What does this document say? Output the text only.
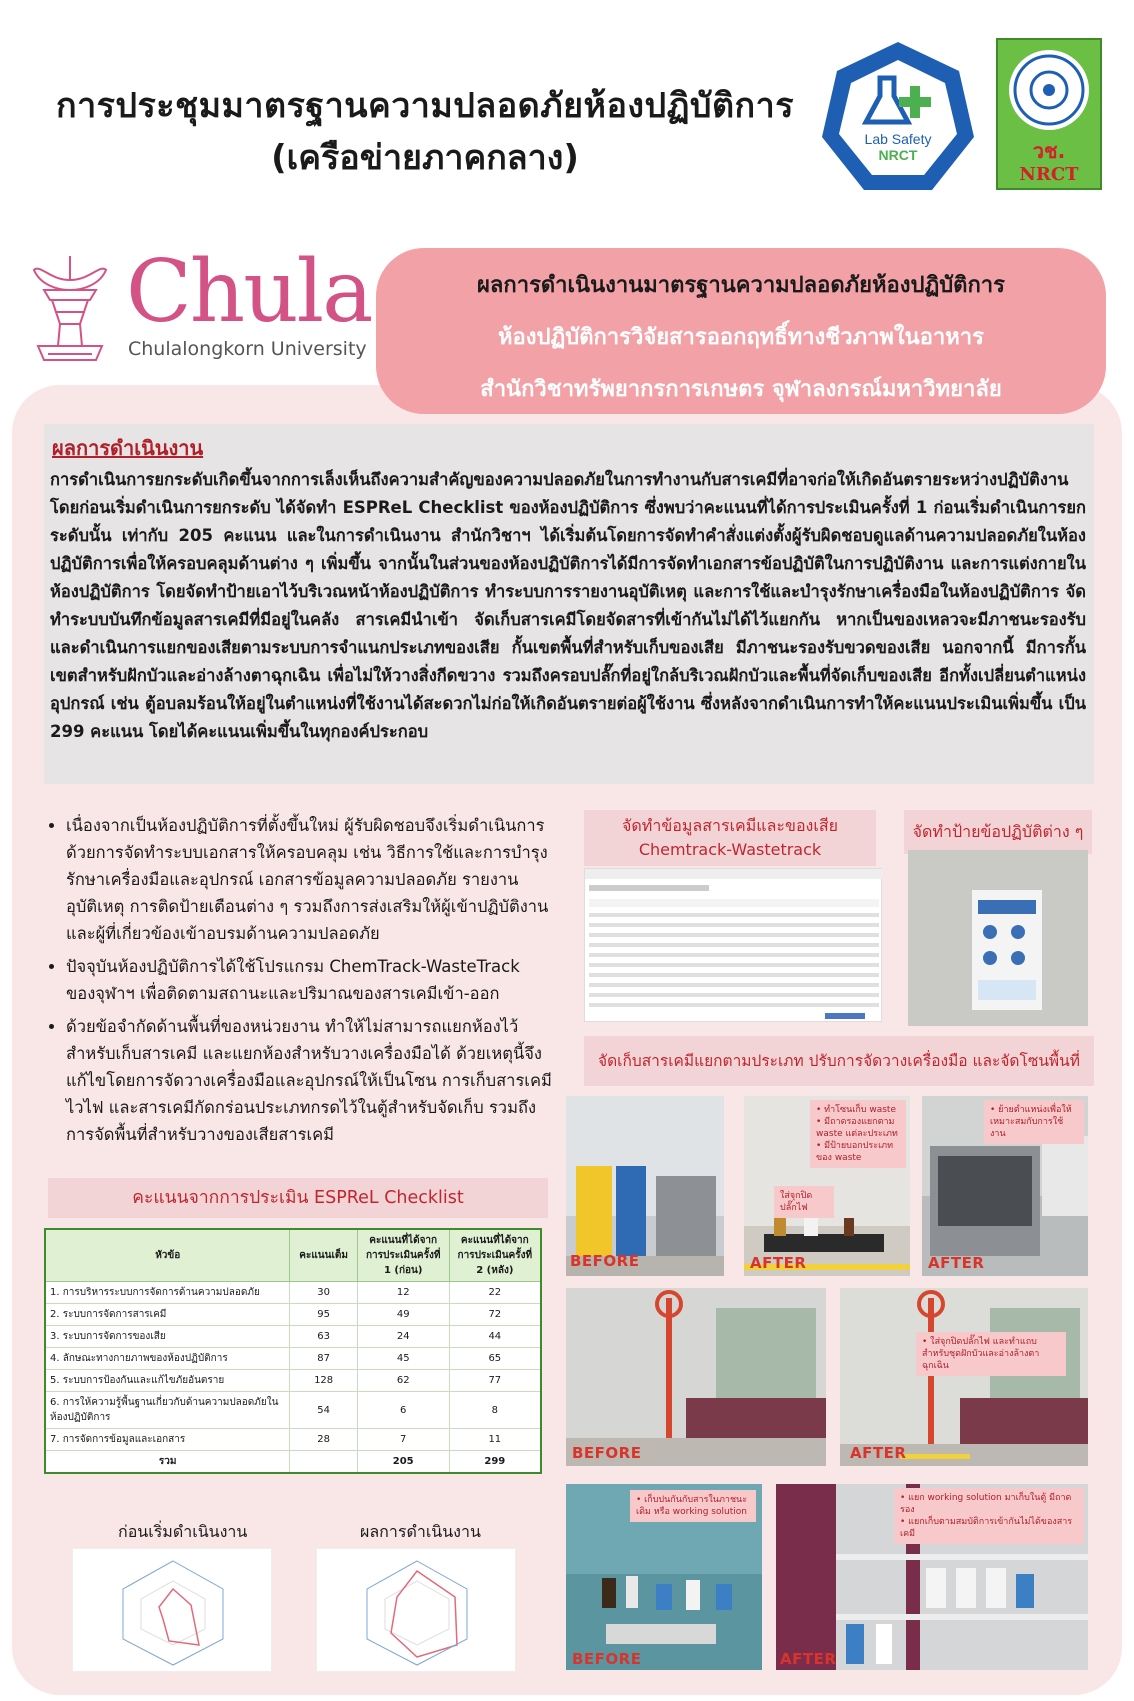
การประชุมมาตรฐานความปลอดภัยห้องปฏิบัติการ
(เครือข่ายภาคกลาง)	Lab Safety
NRCT	วช.
NRCT
Chula
Chulalongkorn University
ผลการดำเนินงานมาตรฐานความปลอดภัยห้องปฏิบัติการ
ห้องปฏิบัติการวิจัยสารออกฤทธิ์ทางชีวภาพในอาหาร
สำนักวิชาทรัพยากรการเกษตร จุฬาลงกรณ์มหาวิทยาลัย
ผลการดำเนินงาน
การดำเนินการยกระดับเกิดขึ้นจากการเล็งเห็นถึงความสำคัญของความปลอดภัยในการทำงานกับสารเคมีที่อาจก่อให้เกิดอันตรายระหว่างปฏิบัติงาน โดยก่อนเริ่มดำเนินการยกระดับ ได้จัดทำ ESPReL Checklist ของห้องปฏิบัติการ ซึ่งพบว่าคะแนนที่ได้การประเมินครั้งที่ 1 ก่อนเริ่มดำเนินการยกระดับนั้น เท่ากับ 205 คะแนน และในการดำเนินงาน สำนักวิชาฯ ได้เริ่มต้นโดยการจัดทำคำสั่งแต่งตั้งผู้รับผิดชอบดูแลด้านความปลอดภัยในห้องปฏิบัติการเพื่อให้ครอบคลุมด้านต่าง ๆ เพิ่มขึ้น จากนั้นในส่วนของห้องปฏิบัติการได้มีการจัดทำเอกสารข้อปฏิบัติในการปฏิบัติงาน และการแต่งกายในห้องปฏิบัติการ โดยจัดทำป้ายเอาไว้บริเวณหน้าห้องปฏิบัติการ ทำระบบการรายงานอุบัติเหตุ และการใช้และบำรุงรักษาเครื่องมือในห้องปฏิบัติการ จัดทำระบบบันทึกข้อมูลสารเคมีที่มีอยู่ในคลัง สารเคมีนำเข้า จัดเก็บสารเคมีโดยจัดสารที่เข้ากันไม่ได้ไว้แยกกัน หากเป็นของเหลวจะมีภาชนะรองรับ และดำเนินการแยกของเสียตามระบบการจำแนกประเภทของเสีย กั้นเขตพื้นที่สำหรับเก็บของเสีย มีภาชนะรองรับขวดของเสีย นอกจากนี้ มีการกั้นเขตสำหรับฝักบัวและอ่างล้างตาฉุกเฉิน เพื่อไม่ให้วางสิ่งกีดขวาง รวมถึงครอบปลั๊กที่อยู่ใกล้บริเวณฝักบัวและพื้นที่จัดเก็บของเสีย อีกทั้งเปลี่ยนตำแหน่งอุปกรณ์ เช่น ตู้อบลมร้อนให้อยู่ในตำแหน่งที่ใช้งานได้สะดวกไม่ก่อให้เกิดอันตรายต่อผู้ใช้งาน ซึ่งหลังจากดำเนินการทำให้คะแนนประเมินเพิ่มขึ้น เป็น 299 คะแนน โดยได้คะแนนเพิ่มขึ้นในทุกองค์ประกอบ
• เนื่องจากเป็นห้องปฏิบัติการที่ตั้งขึ้นใหม่ ผู้รับผิดชอบจึงเริ่มดำเนินการด้วยการจัดทำระบบเอกสารให้ครอบคลุม เช่น วิธีการใช้และการบำรุงรักษาเครื่องมือและอุปกรณ์ เอกสารข้อมูลความปลอดภัย รายงานอุบัติเหตุ การติดป้ายเตือนต่าง ๆ รวมถึงการส่งเสริมให้ผู้เข้าปฏิบัติงานและผู้ที่เกี่ยวข้องเข้าอบรมด้านความปลอดภัย
• ปัจจุบันห้องปฏิบัติการได้ใช้โปรแกรม ChemTrack-WasteTrack ของจุฬาฯ เพื่อติดตามสถานะและปริมาณของสารเคมีเข้า-ออก
• ด้วยข้อจำกัดด้านพื้นที่ของหน่วยงาน ทำให้ไม่สามารถแยกห้องไว้สำหรับเก็บสารเคมี และแยกห้องสำหรับวางเครื่องมือได้ ด้วยเหตุนี้จึงแก้ไขโดยการจัดวางเครื่องมือและอุปกรณ์ให้เป็นโซน การเก็บสารเคมีไวไฟ และสารเคมีกัดกร่อนประเภทกรดไว้ในตู้สำหรับจัดเก็บ รวมถึงการจัดพื้นที่สำหรับวางของเสียสารเคมี
คะแนนจากการประเมิน ESPReL Checklist
หัวข้อ	คะแนนเต็ม	คะแนนที่ได้จากการประเมินครั้งที่ 1 (ก่อน)	คะแนนที่ได้จากการประเมินครั้งที่ 2 (หลัง)
1. การบริหารระบบการจัดการด้านความปลอดภัย	30	12	22
2. ระบบการจัดการสารเคมี	95	49	72
3. ระบบการจัดการของเสีย	63	24	44
4. ลักษณะทางกายภาพของห้องปฏิบัติการ	87	45	65
5. ระบบการป้องกันและแก้ไขภัยอันตราย	128	62	77
6. การให้ความรู้พื้นฐานเกี่ยวกับด้านความปลอดภัยในห้องปฏิบัติการ	54	6	8
7. การจัดการข้อมูลและเอกสาร	28	7	11
รวม		205	299
ก่อนเริ่มดำเนินงาน	ผลการดำเนินงาน
จัดทำข้อมูลสารเคมีและของเสีย
Chemtrack-Wastetrack
จัดทำป้ายข้อปฏิบัติต่าง ๆ
จัดเก็บสารเคมีแยกตามประเภท ปรับการจัดวางเครื่องมือ และจัดโซนพื้นที่
BEFORE
• ทำโซนเก็บ waste
• มีถาดรองแยกตาม waste แต่ละประเภท
• มีป้ายบอกประเภทของ waste
ใส่จุกปิดปลั๊กไฟ
AFTER
• ย้ายตำแหน่งเพื่อให้เหมาะสมกับการใช้งาน
AFTER
BEFORE
• ใส่จุกปิดปลั๊กไฟ และทำแถบสำหรับชุดฝักบัวและอ่างล้างตาฉุกเฉิน
AFTER
• เก็บปนกันกับสารในภาชนะเดิม หรือ working solution
BEFORE
• แยก working solution มาเก็บในตู้ มีถาดรอง
• แยกเก็บตามสมบัติการเข้ากันไม่ได้ของสารเคมี
AFTER
